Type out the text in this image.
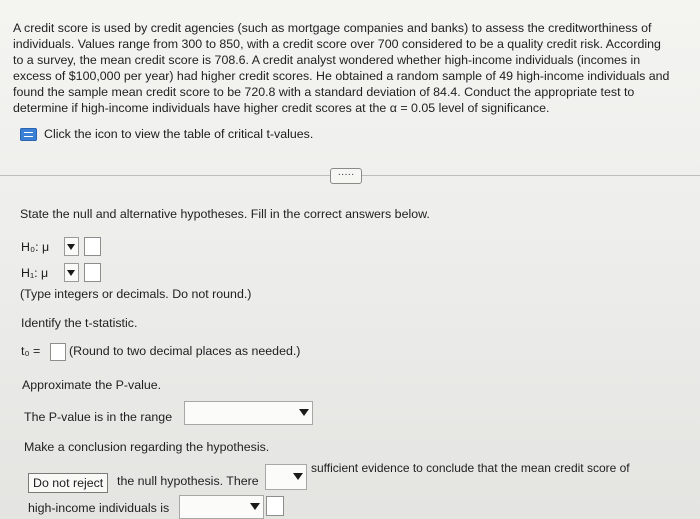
A credit score is used by credit agencies (such as mortgage companies and banks) to assess the creditworthiness of

individuals. Values range from 300 to 850, with a credit score over 700 considered to be a quality credit risk. According

to a survey, the mean credit score is 708.6. A credit analyst wondered whether high-income individuals (incomes in

excess of $100,000 per year) had higher credit scores. He obtained a random sample of 49 high-income individuals and

found the sample mean credit score to be 720.8 with a standard deviation of 84.4. Conduct the appropriate test to

determine if high-income individuals have higher credit scores at the α = 0.05 level of significance.

Click the icon to view the table of critical t-values.
·····
State the null and alternative hypotheses. Fill in the correct answers below.
H₀: μ
H₁: μ
(Type integers or decimals. Do not round.)
Identify the t-statistic.
t₀ = (Round to two decimal places as needed.)
Approximate the P-value.
The P-value is in the range
Make a conclusion regarding the hypothesis.
Do not reject	the null hypothesis. There
sufficient evidence to conclude that the mean credit score of
high-income individuals is
